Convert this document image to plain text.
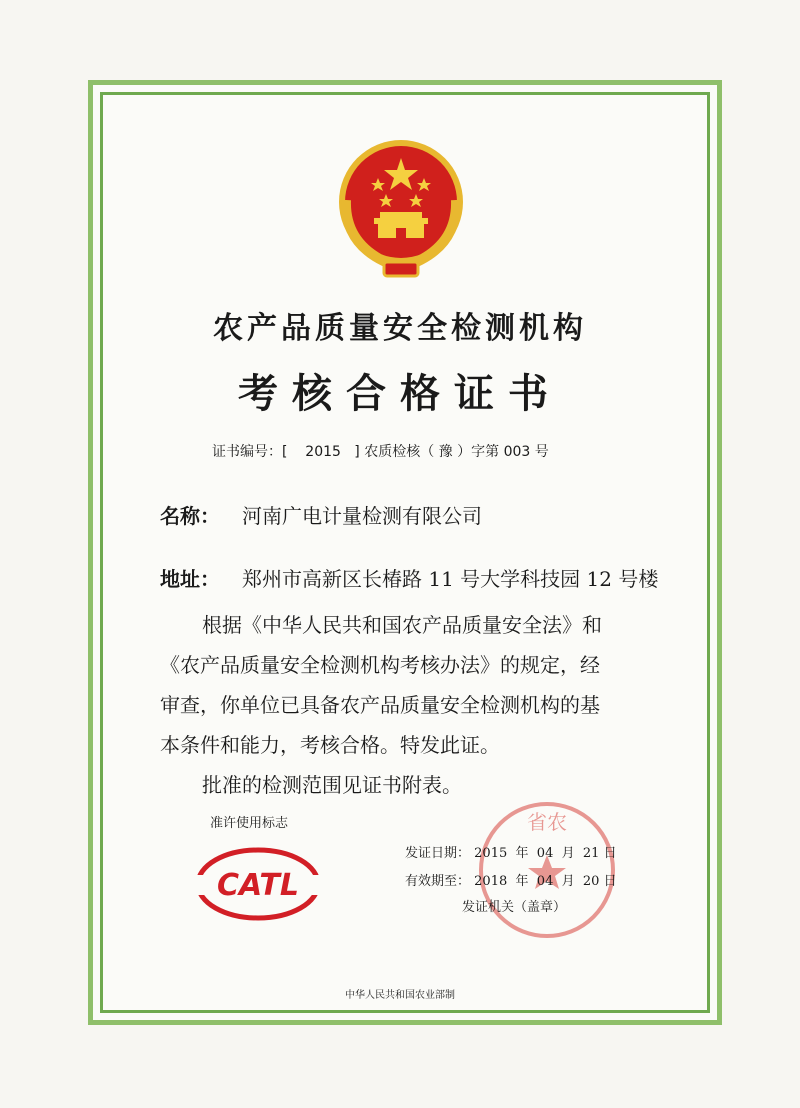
农产品质量安全检测机构
考核合格证书
证书编号：[ 2015 ] 农质检核（ 豫 ）字第 003 号
名称： 河南广电计量检测有限公司
地址： 郑州市高新区长椿路 11 号大学科技园 12 号楼

根据《中华人民共和国农产品质量安全法》和

《农产品质量安全检测机构考核办法》的规定，经

审查，你单位已具备农产品质量安全检测机构的基

本条件和能力，考核合格。特发此证。

批准的检测范围见证书附表。

准许使用标志
CATL
省农
发证日期： 2015 年 04 月 21 日
有效期至： 2018 年 04 月 20 日
发证机关（盖章）
中华人民共和国农业部制
